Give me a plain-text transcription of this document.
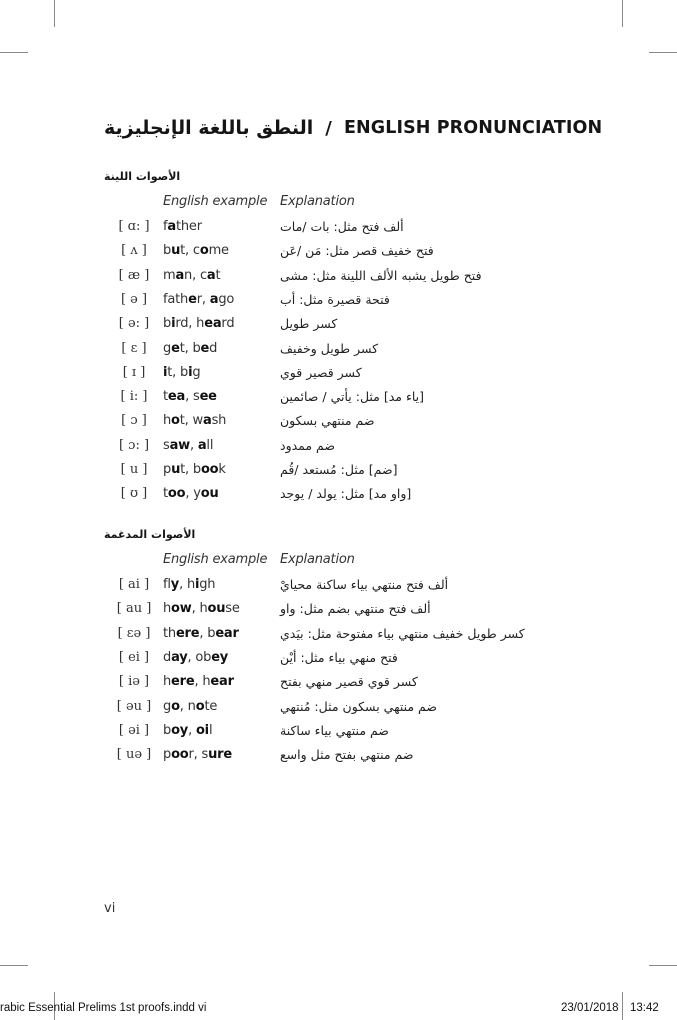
النطق باللغة الإنجليزية / ENGLISH PRONUNCIATION
الأصوات اللينة
English example Explanation
[ ɑ: ]	father	ألف فتح مثل: بات /مات
[ ʌ ]	but, come	فتح خفيف قصر مثل: مَن /عَن
[ æ ]	man, cat	فتح طويل يشبه الألف اللينة مثل: مشى
[ ə ]	father, ago	فتحة قصيرة مثل: أب
[ ə: ]	bird, heard	كسر طويل
[ ɛ ]	get, bed	كسر طويل وخفيف
[ ɪ ]	it, big	كسر قصير قوي
[ i: ]	tea, see	[ياء مد] مثل: يأتي / صائمين
[ ɔ ]	hot, wash	ضم منتهي بسكون
[ ɔ: ]	saw, all	ضم ممدود
[ u ]	put, book	[ضم] مثل: مُستعد /قُم
[ ʊ ]	too, you	[واو مد] مثل: يولد / يوجد
الأصوات المدغمة
English example Explanation
[ ai ]	fly, high	ألف فتح منتهي بياء ساكنة محيايْ
[ au ] how, house	ألف فتح منتهي بضم مثل: واو
[ ɛə ] there, bear	كسر طويل خفيف منتهي بياء مفتوحة مثل: بيَدي
[ ei ]	day, obey	فتح منهي بياء مثل: أيْن
[ iə ]	here, hear	كسر قوي قصير منهي بفتح
[ əu ] go, note	ضم منتهي بسكون مثل: مُنتهي
[ əi ]	boy, oil	ضم منتهي بياء ساكنة
[ uə ] poor, sure	ضم منتهي بفتح مثل واسع
vi
rabic Essential Prelims 1st proofs.indd vi	23/01/2018 13:42
